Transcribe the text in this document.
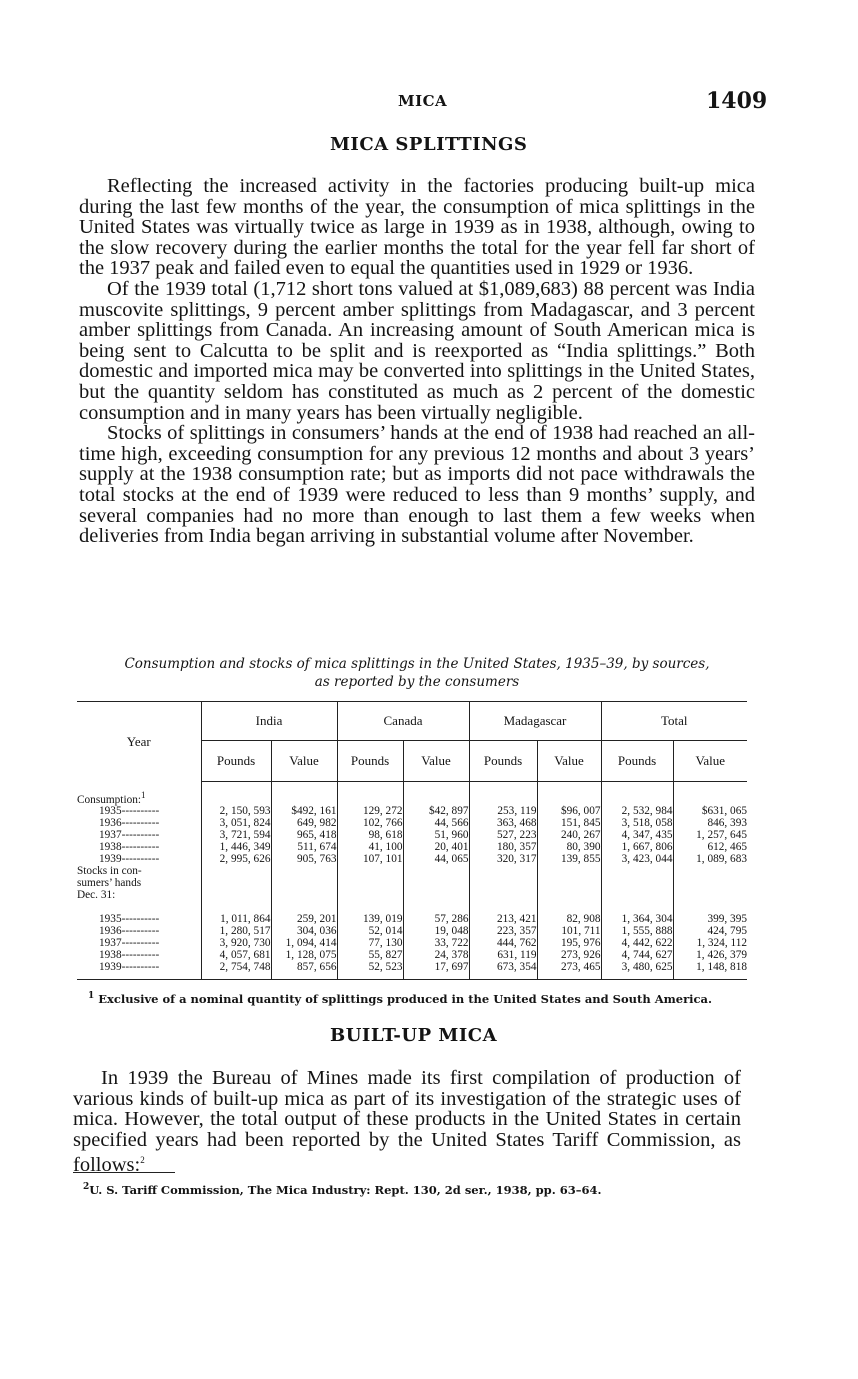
MICA	1409
MICA SPLITTINGS

Reflecting the increased activity in the factories producing built-up mica during the last few months of the year, the consumption of mica splittings in the United States was virtually twice as large in 1939 as in 1938, although, owing to the slow recovery during the earlier months the total for the year fell far short of the 1937 peak and failed even to equal the quantities used in 1929 or 1936.

Of the 1939 total (1,712 short tons valued at $1,089,683) 88 percent was India muscovite splittings, 9 percent amber splittings from Madagascar, and 3 percent amber splittings from Canada. An increasing amount of South American mica is being sent to Calcutta to be split and is reexported as “India splittings.” Both domestic and imported mica may be converted into splittings in the United States, but the quantity seldom has constituted as much as 2 percent of the domestic consumption and in many years has been virtually negligible.

Stocks of splittings in consumers’ hands at the end of 1938 had reached an all-time high, exceeding consumption for any previous 12 months and about 3 years’ supply at the 1938 consumption rate; but as imports did not pace withdrawals the total stocks at the end of 1939 were reduced to less than 9 months’ supply, and several companies had no more than enough to last them a few weeks when deliveries from India began arriving in substantial volume after November.

Consumption and stocks of mica splittings in the United States, 1935–39, by sources,
as reported by the consumers
Year	India		Canada		Madagascar		Total	
	Pounds	Value	Pounds	Value	Pounds	Value	Pounds	Value
Consumption:$^1$								
1935----------	2, 150, 593	$492, 161	129, 272	$42, 897	253, 119	$96, 007	2, 532, 984	$631, 065
1936----------	3, 051, 824	649, 982	102, 766	44, 566	363, 468	151, 845	3, 518, 058	846, 393
1937----------	3, 721, 594	965, 418	98, 618	51, 960	527, 223	240, 267	4, 347, 435	1, 257, 645
1938----------	1, 446, 349	511, 674	41, 100	20, 401	180, 357	80, 390	1, 667, 806	612, 465
1939----------	2, 995, 626	905, 763	107, 101	44, 065	320, 317	139, 855	3, 423, 044	1, 089, 683
Stocks in con-								
sumers’ hands								
Dec. 31:								

1935----------	1, 011, 864	259, 201	139, 019	57, 286	213, 421	82, 908	1, 364, 304	399, 395
1936----------	1, 280, 517	304, 036	52, 014	19, 048	223, 357	101, 711	1, 555, 888	424, 795
1937----------	3, 920, 730	1, 094, 414	77, 130	33, 722	444, 762	195, 976	4, 442, 622	1, 324, 112
1938----------	4, 057, 681	1, 128, 075	55, 827	24, 378	631, 119	273, 926	4, 744, 627	1, 426, 379
1939----------	2, 754, 748	857, 656	52, 523	17, 697	673, 354	273, 465	3, 480, 625	1, 148, 818
$^1$ Exclusive of a nominal quantity of splittings produced in the United States and South America.
BUILT-UP MICA

In 1939 the Bureau of Mines made its first compilation of production of various kinds of built-up mica as part of its investigation of the strategic uses of mica. However, the total output of these products in the United States in certain specified years had been reported by the United States Tariff Commission, as follows:$^2$

$^2$U. S. Tariff Commission, The Mica Industry: Rept. 130, 2d ser., 1938, pp. 63–64.
